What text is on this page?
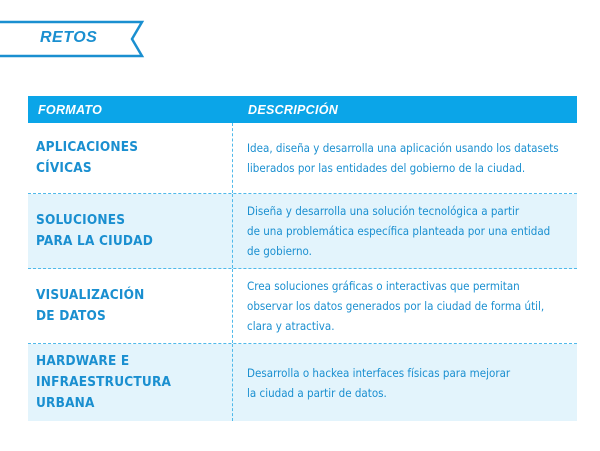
RETOS
FORMATO	DESCRIPCIÓN
APLICACIONES
CÍVICAS
Idea, diseña y desarrolla una aplicación usando los datasets
liberados por las entidades del gobierno de la ciudad.
SOLUCIONES
PARA LA CIUDAD
Diseña y desarrolla una solución tecnológica a partir
de una problemática específica planteada por una entidad
de gobierno.
VISUALIZACIÓN
DE DATOS
Crea soluciones gráficas o interactivas que permitan
observar los datos generados por la ciudad de forma útil,
clara y atractiva.
HARDWARE E
INFRAESTRUCTURA
URBANA
Desarrolla o hackea interfaces físicas para mejorar
la ciudad a partir de datos.
